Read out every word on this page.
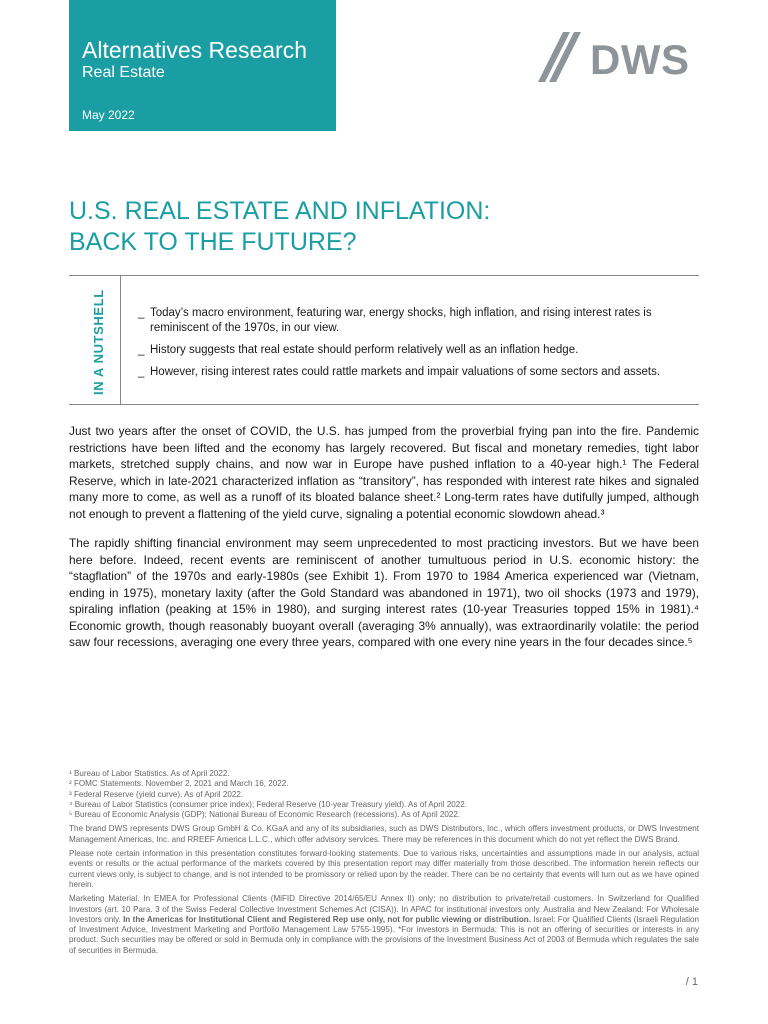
Alternatives Research
Real Estate
May 2022
DWS
U.S. REAL ESTATE AND INFLATION:
BACK TO THE FUTURE?
IN A NUTSHELL	_ Today’s macro environment, featuring war, energy shocks, high inflation, and rising interest rates is reminiscent of the 1970s, in our view.
_ History suggests that real estate should perform relatively well as an inflation hedge.
_ However, rising interest rates could rattle markets and impair valuations of some sectors and assets.

Just two years after the onset of COVID, the U.S. has jumped from the proverbial frying pan into the fire. Pandemic restrictions have been lifted and the economy has largely recovered. But fiscal and monetary remedies, tight labor markets, stretched supply chains, and now war in Europe have pushed inflation to a 40-year high.¹ The Federal Reserve, which in late-2021 characterized inflation as “transitory”, has responded with interest rate hikes and signaled many more to come, as well as a runoff of its bloated balance sheet.² Long-term rates have dutifully jumped, although not enough to prevent a flattening of the yield curve, signaling a potential economic slowdown ahead.³

The rapidly shifting financial environment may seem unprecedented to most practicing investors. But we have been here before. Indeed, recent events are reminiscent of another tumultuous period in U.S. economic history: the “stagflation” of the 1970s and early-1980s (see Exhibit 1). From 1970 to 1984 America experienced war (Vietnam, ending in 1975), monetary laxity (after the Gold Standard was abandoned in 1971), two oil shocks (1973 and 1979), spiraling inflation (peaking at 15% in 1980), and surging interest rates (10-year Treasuries topped 15% in 1981).⁴ Economic growth, though reasonably buoyant overall (averaging 3% annually), was extraordinarily volatile: the period saw four recessions, averaging one every three years, compared with one every nine years in the four decades since.⁵

¹ Bureau of Labor Statistics. As of April 2022.

² FOMC Statements. November 2, 2021 and March 16, 2022.

³ Federal Reserve (yield curve). As of April 2022.

⁴ Bureau of Labor Statistics (consumer price index); Federal Reserve (10-year Treasury yield). As of April 2022.

⁵ Bureau of Economic Analysis (GDP); National Bureau of Economic Research (recessions). As of April 2022.

The brand DWS represents DWS Group GmbH & Co. KGaA and any of its subsidiaries, such as DWS Distributors, Inc., which offers investment products, or DWS Investment Management Americas, Inc. and RREEF America L.L.C., which offer advisory services. There may be references in this document which do not yet reflect the DWS Brand.

Please note certain information in this presentation constitutes forward-looking statements. Due to various risks, uncertainties and assumptions made in our analysis, actual events or results or the actual performance of the markets covered by this presentation report may differ materially from those described. The information herein reflects our current views only, is subject to change, and is not intended to be promissory or relied upon by the reader. There can be no certainty that events will turn out as we have opined herein.

Marketing Material. In EMEA for Professional Clients (MiFID Directive 2014/65/EU Annex II) only; no distribution to private/retail customers. In Switzerland for Qualified Investors (art. 10 Para. 3 of the Swiss Federal Collective Investment Schemes Act (CISA)). In APAC for institutional investors only. Australia and New Zealand: For Wholesale Investors only. In the Americas for Institutional Client and Registered Rep use only, not for public viewing or distribution. Israel: For Qualified Clients (Israeli Regulation of Investment Advice, Investment Marketing and Portfolio Management Law 5755-1995). *For investors in Bermuda: This is not an offering of securities or interests in any product. Such securities may be offered or sold in Bermuda only in compliance with the provisions of the Investment Business Act of 2003 of Bermuda which regulates the sale of securities in Bermuda.

/ 1
